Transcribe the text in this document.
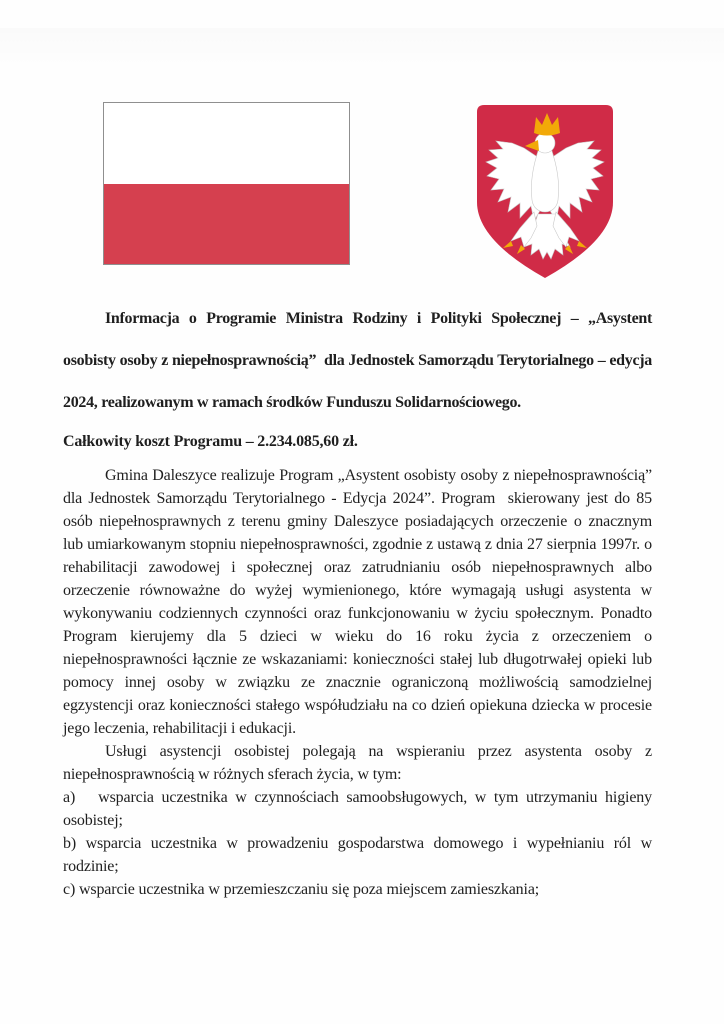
Informacja o Programie Ministra Rodziny i Polityki Społecznej – „Asystent osobisty osoby z niepełnosprawnością”  dla Jednostek Samorządu Terytorialnego – edycja 2024, realizowanym w ramach środków Funduszu Solidarnościowego.

Całkowity koszt Programu – 2.234.085,60 zł.

Gmina Daleszyce realizuje Program „Asystent osobisty osoby z niepełnosprawnością” dla Jednostek Samorządu Terytorialnego - Edycja 2024”. Program  skierowany jest do 85 osób niepełnosprawnych z terenu gminy Daleszyce posiadających orzeczenie o znacznym  lub umiarkowanym stopniu niepełnosprawności, zgodnie z ustawą z dnia 27 sierpnia 1997r. o rehabilitacji zawodowej i społecznej oraz zatrudnianiu osób niepełnosprawnych albo orzeczenie równoważne do wyżej wymienionego, które wymagają usługi asystenta w wykonywaniu codziennych czynności oraz funkcjonowaniu w życiu społecznym. Ponadto Program kierujemy dla 5 dzieci w wieku do 16 roku życia z orzeczeniem o niepełnosprawności łącznie ze wskazaniami: konieczności stałej lub długotrwałej opieki lub pomocy innej osoby w związku ze znacznie ograniczoną możliwością samodzielnej egzystencji oraz konieczności stałego współudziału na co dzień opiekuna dziecka w procesie jego leczenia, rehabilitacji i edukacji.

Usługi asystencji osobistej polegają na wspieraniu przez asystenta osoby z niepełnosprawnością w różnych sferach życia, w tym:

a)   wsparcia uczestnika w czynnościach samoobsługowych, w tym utrzymaniu higieny osobistej;

b) wsparcia uczestnika w prowadzeniu gospodarstwa domowego i wypełnianiu ról w rodzinie;

c) wsparcie uczestnika w przemieszczaniu się poza miejscem zamieszkania;
